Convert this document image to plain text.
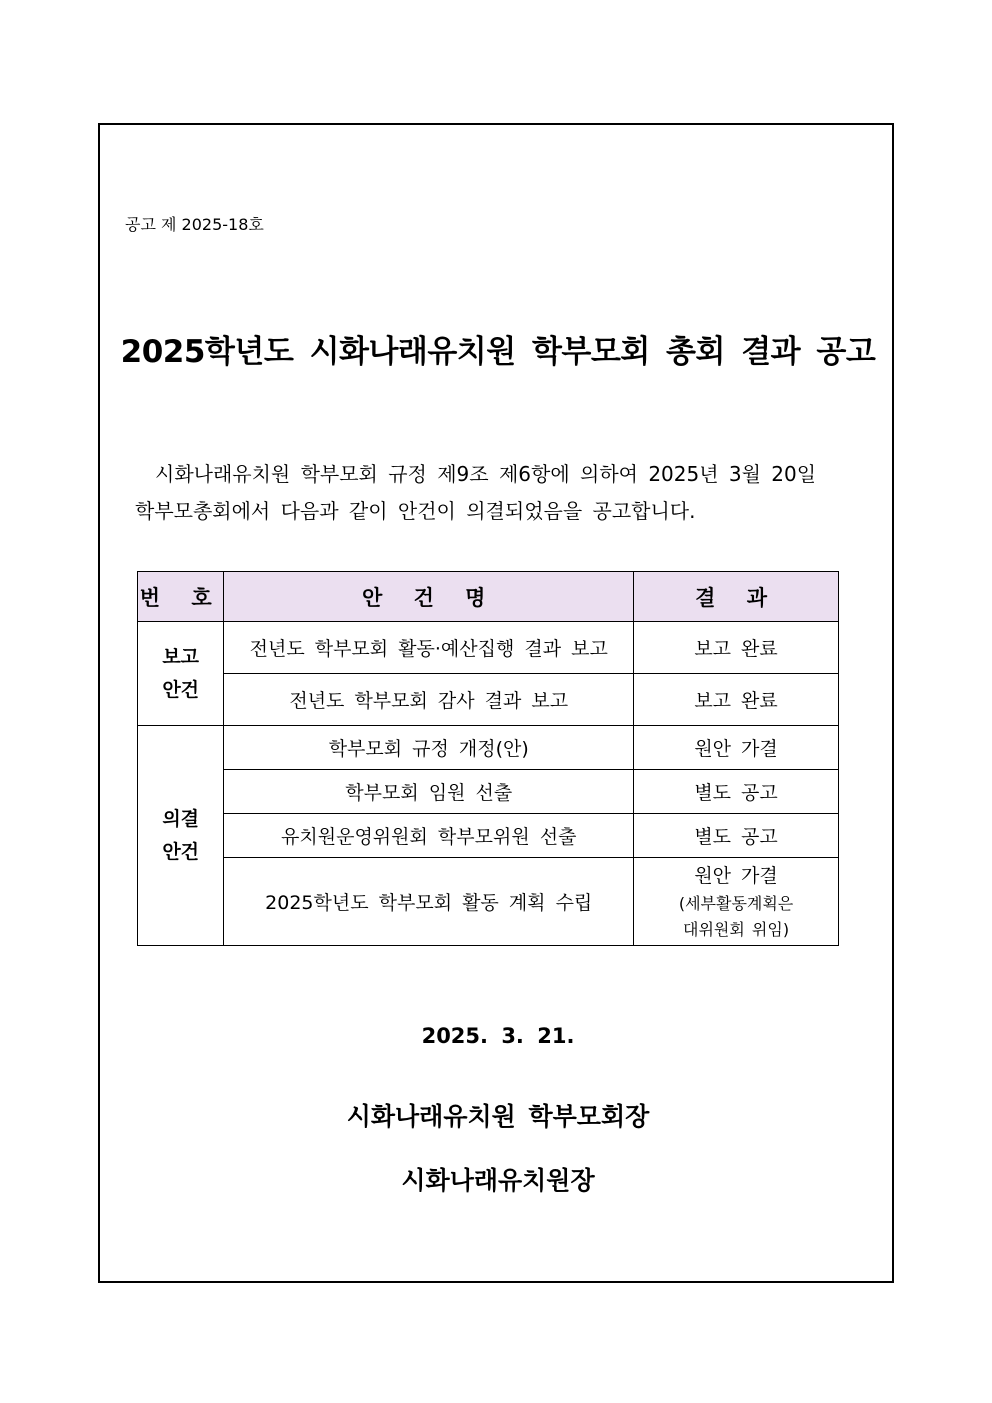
공고 제 2025-18호
2025학년도 시화나래유치원 학부모회 총회 결과 공고
시화나래유치원 학부모회 규정 제9조 제6항에 의하여 2025년 3월 20일
학부모총회에서 다음과 같이 안건이 의결되었음을 공고합니다.
번 호	안 건 명	결 과
보고
안건	전년도 학부모회 활동·예산집행 결과 보고	보고 완료
	전년도 학부모회 감사 결과 보고	보고 완료
의결
안건	학부모회 규정 개정(안)	원안 가결
	학부모회 임원 선출	별도 공고
	유치원운영위원회 학부모위원 선출	별도 공고
	2025학년도 학부모회 활동 계획 수립	원안 가결
(세부활동계획은
대위원회 위임)
2025. 3. 21.
시화나래유치원 학부모회장
시화나래유치원장
